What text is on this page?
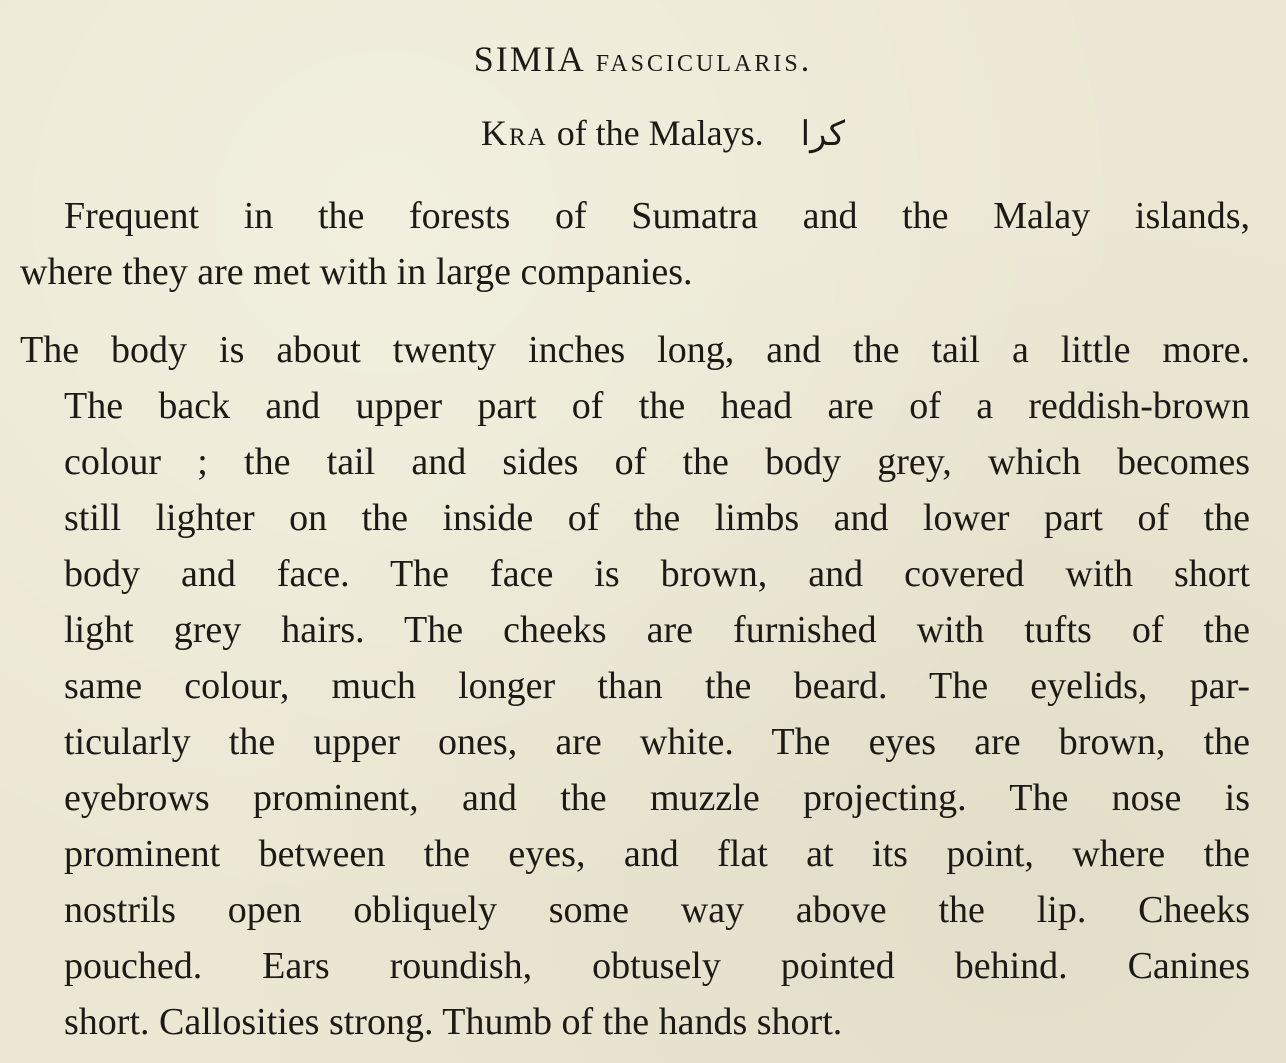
SIMIA fascicularis.
Kra of the Malays. کرا
Frequent in the forests of Sumatra and the Malay islands,
where they are met with in large companies.
The body is about twenty inches long, and the tail a little more.
The back and upper part of the head are of a reddish-brown
colour ; the tail and sides of the body grey, which becomes
still lighter on the inside of the limbs and lower part of the
body and face. The face is brown, and covered with short
light grey hairs. The cheeks are furnished with tufts of the
same colour, much longer than the beard. The eyelids, par-
ticularly the upper ones, are white. The eyes are brown, the
eyebrows prominent, and the muzzle projecting. The nose is
prominent between the eyes, and flat at its point, where the
nostrils open obliquely some way above the lip. Cheeks
pouched. Ears roundish, obtusely pointed behind. Canines
short. Callosities strong. Thumb of the hands short.
